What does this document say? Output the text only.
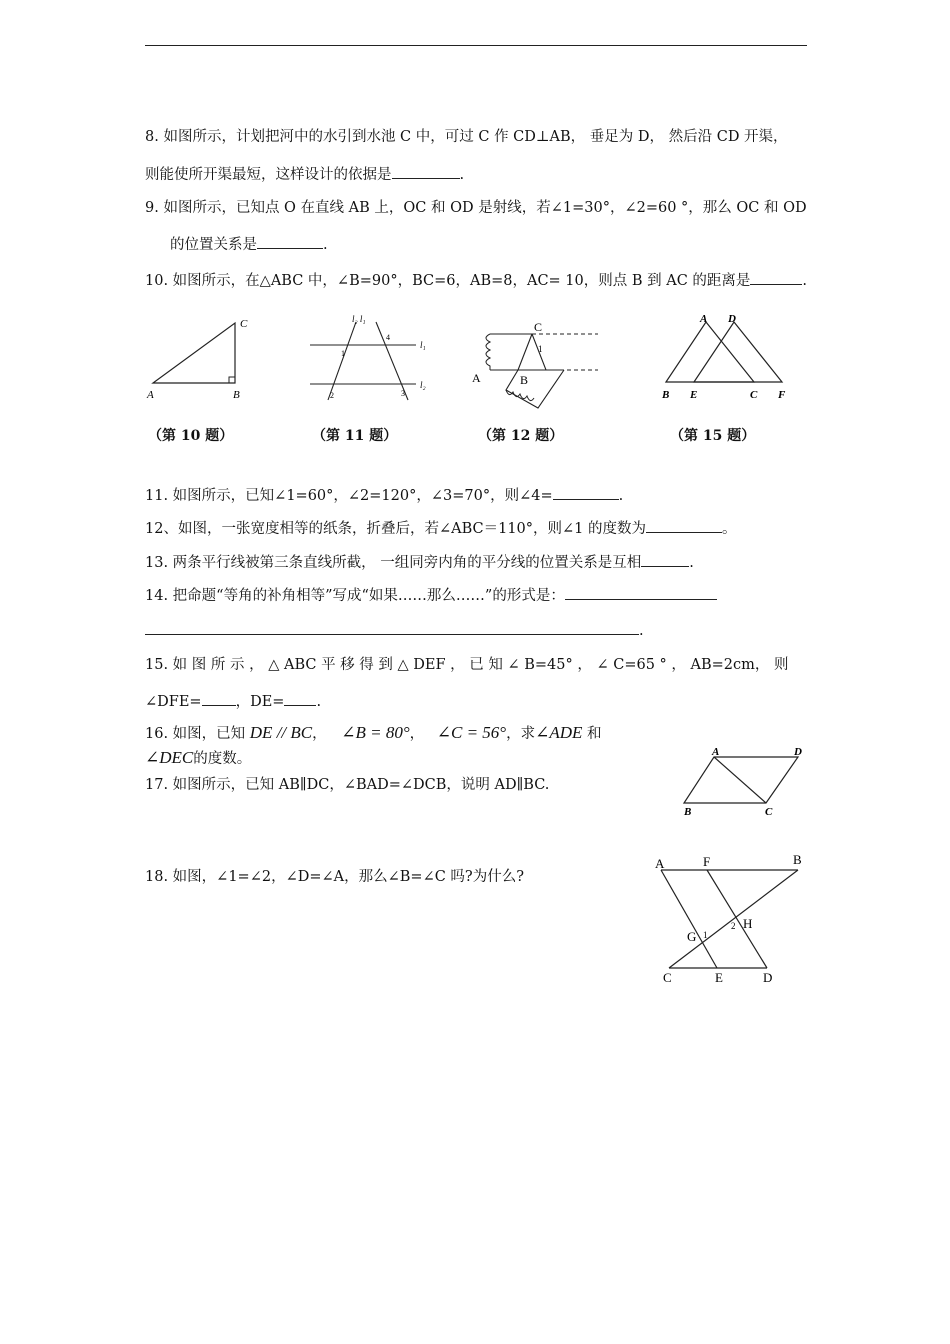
8. 如图所示，计划把河中的水引到水池 C 中，可过 C 作 CD⊥AB， 垂足为 D， 然后沿 CD 开渠，
则能使所开渠最短，这样设计的依据是	.
9. 如图所示，已知点 O 在直线 AB 上，OC 和 OD 是射线，若∠1=30°，∠2=60 °，那么 OC 和 OD
的位置关系是	.
10. 如图所示，在△ABC 中，∠B=90°，BC=6，AB=8，AC= 10，则点 B 到 AC 的距离是	.
A	B
C	l₂ l₁
l₁
l₂
1
2	3
4
C
A	B
1
A D
B E	C F
（第 10 题）	（第 11 题）	（第 12 题）	（第 15 题）
11. 如图所示，已知∠1=60°，∠2=120°，∠3=70°，则∠4=	.
12、如图，一张宽度相等的纸条，折叠后，若∠ABC＝110°，则∠1 的度数为	。
13. 两条平行线被第三条直线所截， 一组同旁内角的平分线的位置关系是互相	.
14. 把命题“等角的补角相等”写成“如果……那么……”的形式是：
.
15. 如 图 所 示 ， △ ABC 平 移 得 到 △ DEF ， 已 知 ∠ B=45° ， ∠ C=65 ° ， AB=2cm， 则
∠DFE= ，DE= .
16. 如图，已知 DE // BC， ∠B = 80°， ∠C = 56°，求∠ADE 和
∠DEC的度数。	A	D
B	C
17. 如图所示，已知 AB∥DC，∠BAD=∠DCB，说明 AD∥BC.
18. 如图，∠1=∠2，∠D=∠A，那么∠B=∠C 吗?为什么?
A	F	B
H
G 1
2
C	E	D
